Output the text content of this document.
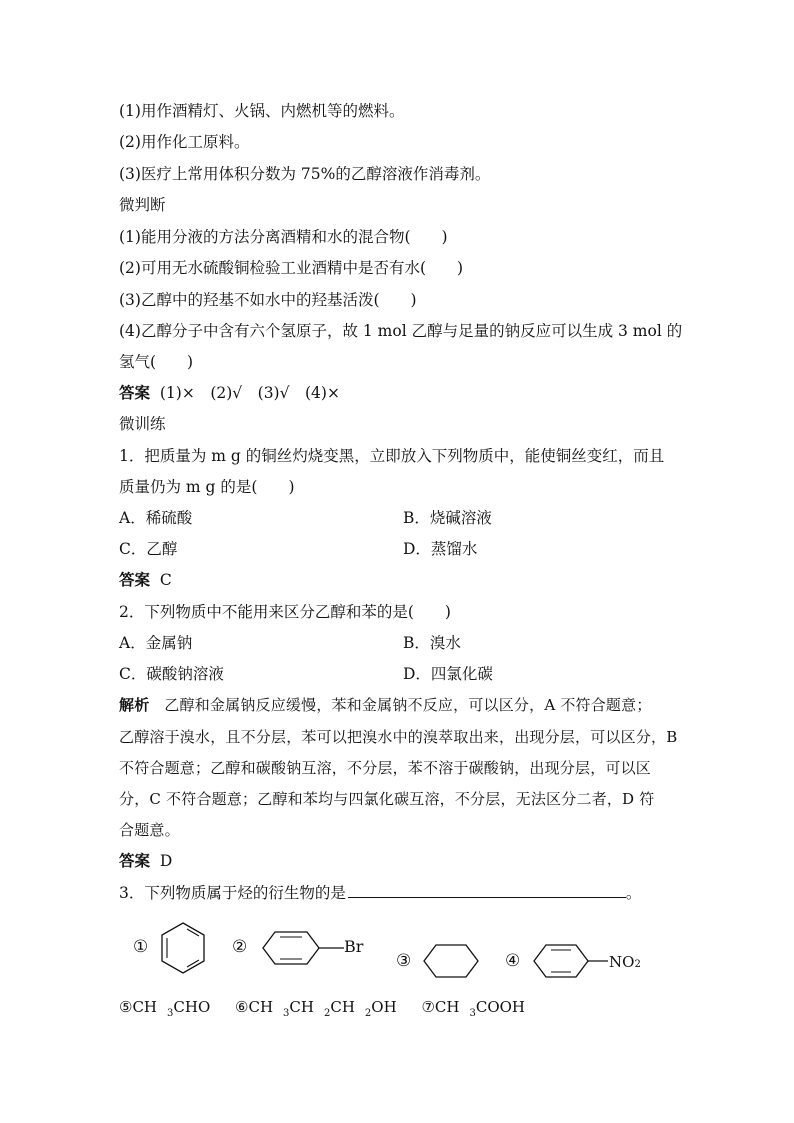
(1)用作酒精灯、火锅、内燃机等的燃料。
(2)用作化工原料。
(3)医疗上常用体积分数为 75%的乙醇溶液作消毒剂。
微判断
(1)能用分液的方法分离酒精和水的混合物(　　)
(2)可用无水硫酸铜检验工业酒精中是否有水(　　)
(3)乙醇中的羟基不如水中的羟基活泼(　　)
(4)乙醇分子中含有六个氢原子，故 1 mol 乙醇与足量的钠反应可以生成 3 mol 的
氢气(　　)
答案 (1)×　(2)√　(3)√　(4)×
微训练
1．把质量为 m g 的铜丝灼烧变黑，立即放入下列物质中，能使铜丝变红，而且
质量仍为 m g 的是(　　)
A．稀硫酸	B．烧碱溶液
C．乙醇	D．蒸馏水
答案 C
2．下列物质中不能用来区分乙醇和苯的是(　　)
A．金属钠	B．溴水
C．碳酸钠溶液	D．四氯化碳
解析 乙醇和金属钠反应缓慢，苯和金属钠不反应，可以区分，A 不符合题意；
乙醇溶于溴水，且不分层，苯可以把溴水中的溴萃取出来，出现分层，可以区分，B
不符合题意；乙醇和碳酸钠互溶，不分层，苯不溶于碳酸钠，出现分层，可以区
分，C 不符合题意；乙醇和苯均与四氯化碳互溶，不分层，无法区分二者，D 符
合题意。
答案 D
3．下列物质属于烃的衍生物的是	。
①	②	Br
③	④	NO2
⑤CH $_3$CHO ⑥CH $_3$CH $_2$CH $_2$OH ⑦CH $_3$COOH
